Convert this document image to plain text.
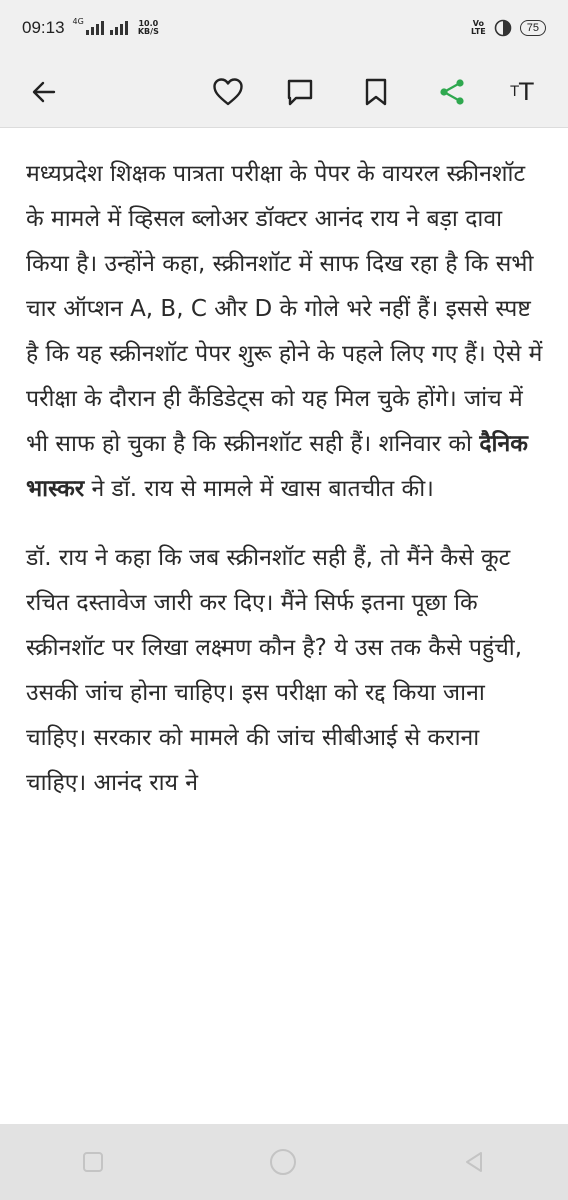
09:13 4G	10.0
KB/S
Vo
LTE	75
T T

मध्यप्रदेश शिक्षक पात्रता परीक्षा के पेपर के वायरल स्क्रीनशॉट के मामले में व्हिसल ब्लोअर डॉक्टर आनंद राय ने बड़ा दावा किया है। उन्होंने कहा, स्क्रीनशॉट में साफ दिख रहा है कि सभी चार ऑप्शन A, B, C और D के गोले भरे नहीं हैं। इससे स्पष्ट है कि यह स्क्रीनशॉट पेपर शुरू होने के पहले लिए गए हैं। ऐसे में परीक्षा के दौरान ही कैंडिडेट्स को यह मिल चुके होंगे। जांच में भी साफ हो चुका है कि स्क्रीनशॉट सही हैं। शनिवार को दैनिक भास्कर ने डॉ. राय से मामले में खास बातचीत की।

डॉ. राय ने कहा कि जब स्क्रीनशॉट सही हैं, तो मैंने कैसे कूट रचित दस्तावेज जारी कर दिए। मैंने सिर्फ इतना पूछा कि स्क्रीनशॉट पर लिखा लक्ष्मण कौन है? ये उस तक कैसे पहुंची, उसकी जांच होना चाहिए। इस परीक्षा को रद्द किया जाना चाहिए। सरकार को मामले की जांच सीबीआई से कराना चाहिए। आनंद राय ने
